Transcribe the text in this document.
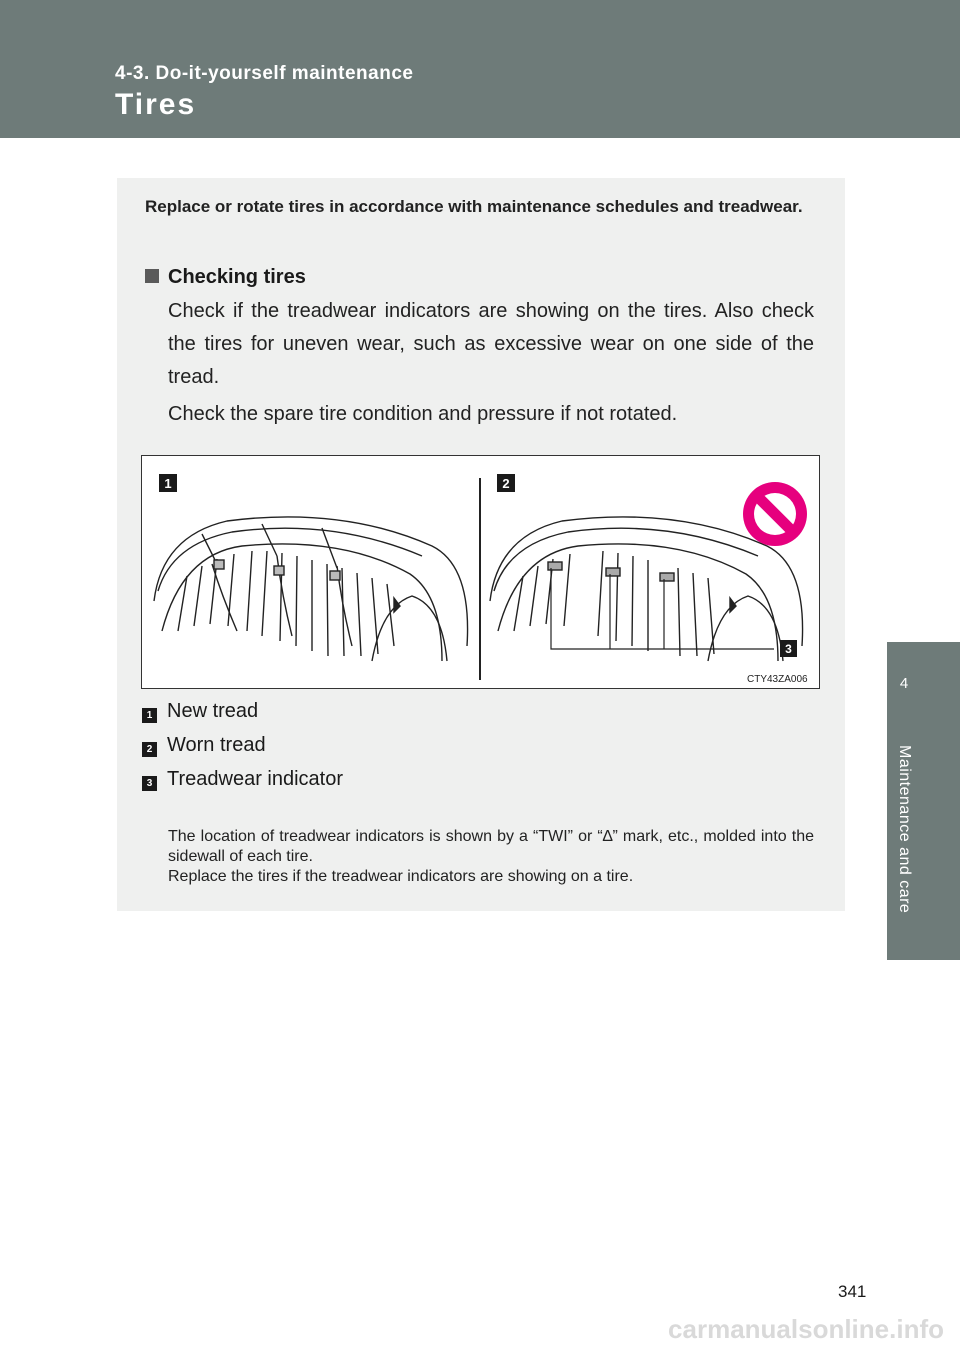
4-3. Do-it-yourself maintenance
Tires
4
Maintenance and care
Replace or rotate tires in accordance with maintenance schedules and treadwear.
Checking tires
Check if the treadwear indicators are showing on the tires. Also check the tires for uneven wear, such as excessive wear on one side of the tread.
Check the spare tire condition and pressure if not rotated.
1	2
3
CTY43ZA006
1 New tread
2 Worn tread
3 Treadwear indicator
The location of treadwear indicators is shown by a “TWI” or “∆” mark, etc., molded into the sidewall of each tire.
Replace the tires if the treadwear indicators are showing on a tire.
341
carmanualsonline.info
